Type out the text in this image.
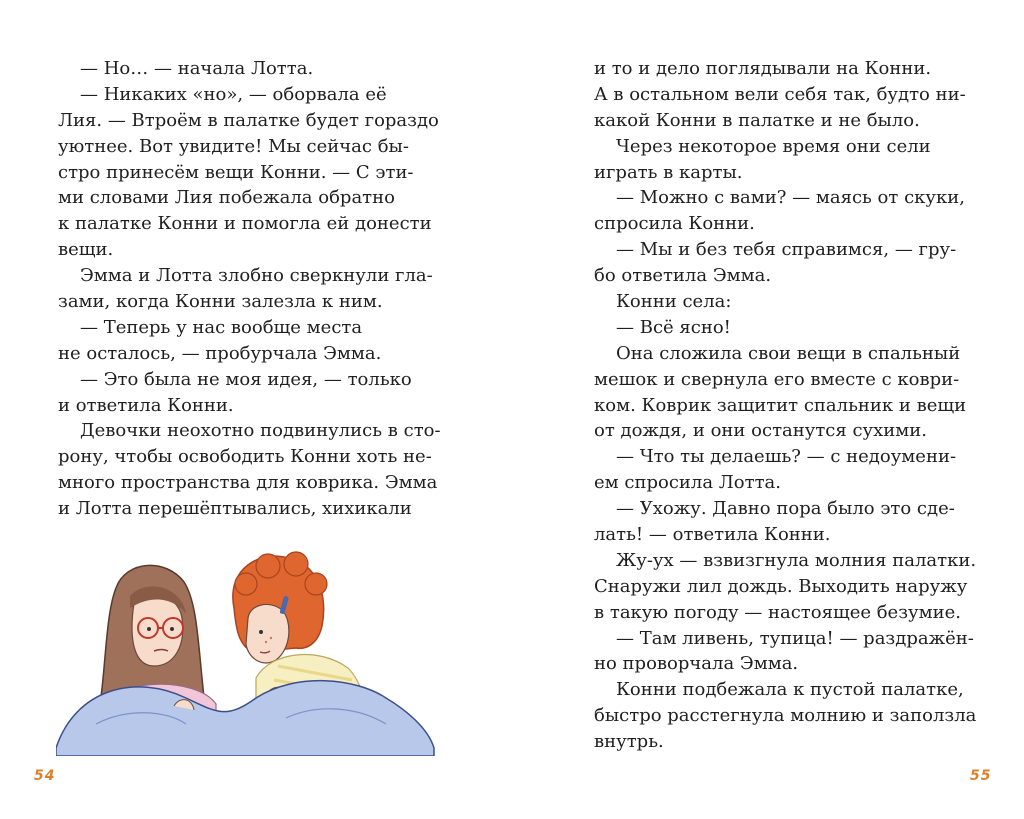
— Но… — начала Лотта.
— Никаких «но», — оборвала её
Лия. — Втроём в палатке будет гораздо
уютнее. Вот увидите! Мы сейчас бы-
стро принесём вещи Конни. — С эти-
ми словами Лия побежала обратно
к палатке Конни и помогла ей донести
вещи.
Эмма и Лотта злобно сверкнули гла-
зами, когда Конни залезла к ним.
— Теперь у нас вообще места
не осталось, — пробурчала Эмма.
— Это была не моя идея, — только
и ответила Конни.
Девочки неохотно подвинулись в сто-
рону, чтобы освободить Конни хоть не-
много пространства для коврика. Эмма
и Лотта перешёптывались, хихикали
54
и то и дело поглядывали на Конни.
А в остальном вели себя так, будто ни-
какой Конни в палатке и не было.
Через некоторое время они сели
играть в карты.
— Можно с вами? — маясь от скуки,
спросила Конни.
— Мы и без тебя справимся, — гру-
бо ответила Эмма.
Конни села:
— Всё ясно!
Она сложила свои вещи в спальный
мешок и свернула его вместе с коври-
ком. Коврик защитит спальник и вещи
от дождя, и они останутся сухими.
— Что ты делаешь? — с недоумени-
ем спросила Лотта.
— Ухожу. Давно пора было это сде-
лать! — ответила Конни.
Жу-ух — взвизгнула молния палатки.
Снаружи лил дождь. Выходить наружу
в такую погоду — настоящее безумие.
— Там ливень, тупица! — раздражён-
но проворчала Эмма.
Конни подбежала к пустой палатке,
быстро расстегнула молнию и заползла
внутрь.
55
